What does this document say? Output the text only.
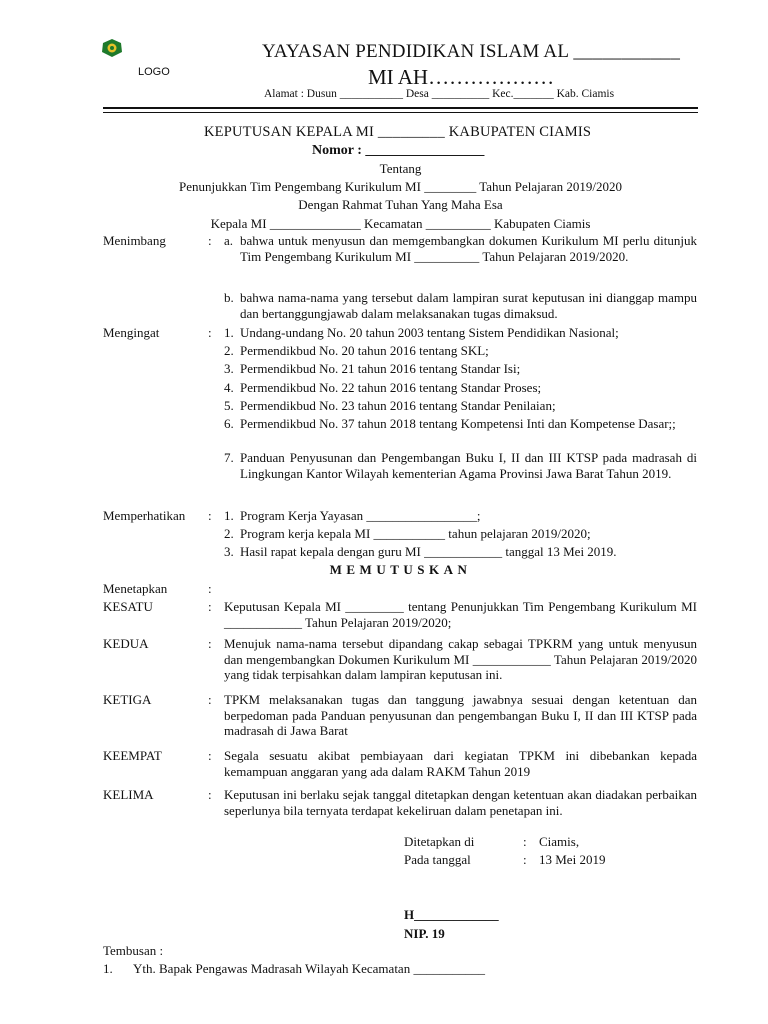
LOGO
YAYASAN PENDIDIKAN ISLAM AL ___________
MI AH………………
Alamat : Dusun ___________ Desa __________ Kec._______ Kab. Ciamis
KEPUTUSAN KEPALA MI _________ KABUPATEN CIAMIS
Nomor : _________________
Tentang
Penunjukkan Tim Pengembang Kurikulum MI ________ Tahun Pelajaran 2019/2020
Dengan Rahmat Tuhan Yang Maha Esa
Kepala MI ______________ Kecamatan __________ Kabupaten Ciamis
Menimbang	: a. bahwa untuk menyusun dan memgembangkan dokumen Kurikulum MI perlu ditunjuk Tim Pengembang Kurikulum MI __________ Tahun Pelajaran 2019/2020.
b. bahwa nama-nama yang tersebut dalam lampiran surat keputusan ini dianggap mampu dan bertanggungjawab dalam melaksanakan tugas dimaksud.
Mengingat	: 1. Undang-undang No. 20 tahun 2003 tentang Sistem Pendidikan Nasional;
2. Permendikbud No. 20 tahun 2016 tentang SKL;
3. Permendikbud No. 21 tahun 2016 tentang Standar Isi;
4. Permendikbud No. 22 tahun 2016 tentang Standar Proses;
5. Permendikbud No. 23 tahun 2016 tentang Standar Penilaian;
6. Permendikbud No. 37 tahun 2018 tentang Kompetensi Inti dan Kompetense Dasar;;
7. Panduan Penyusunan dan Pengembangan Buku I, II dan III KTSP pada madrasah di Lingkungan Kantor Wilayah kementerian Agama Provinsi Jawa Barat Tahun 2019.
Memperhatikan : 1. Program Kerja Yayasan _________________;
2. Program kerja kepala MI ___________ tahun pelajaran 2019/2020;
3. Hasil rapat kepala dengan guru MI ____________ tanggal 13 Mei 2019.
MEMUTUSKAN
Menetapkan	:
KESATU	: Keputusan Kepala MI _________ tentang Penunjukkan Tim Pengembang Kurikulum MI ____________ Tahun Pelajaran 2019/2020;
KEDUA	: Menujuk nama-nama tersebut dipandang cakap sebagai TPKRM yang untuk menyusun dan mengembangkan Dokumen Kurikulum MI ____________ Tahun Pelajaran 2019/2020 yang tidak terpisahkan dalam lampiran keputusan ini.
KETIGA	: TPKM melaksanakan tugas dan tanggung jawabnya sesuai dengan ketentuan dan berpedoman pada Panduan penyusunan dan pengembangan Buku I, II dan III KTSP pada madrasah di Jawa Barat
KEEMPAT	: Segala sesuatu akibat pembiayaan dari kegiatan TPKM ini dibebankan kepada kemampuan anggaran yang ada dalam RAKM Tahun 2019
KELIMA	: Keputusan ini berlaku sejak tanggal ditetapkan dengan ketentuan akan diadakan perbaikan seperlunya bila ternyata terdapat kekeliruan dalam penetapan ini.
Ditetapkan di	: Ciamis,
Pada tanggal	: 13 Mei 2019
H_____________
NIP. 19
Tembusan :
1. Yth. Bapak Pengawas Madrasah Wilayah Kecamatan ___________
